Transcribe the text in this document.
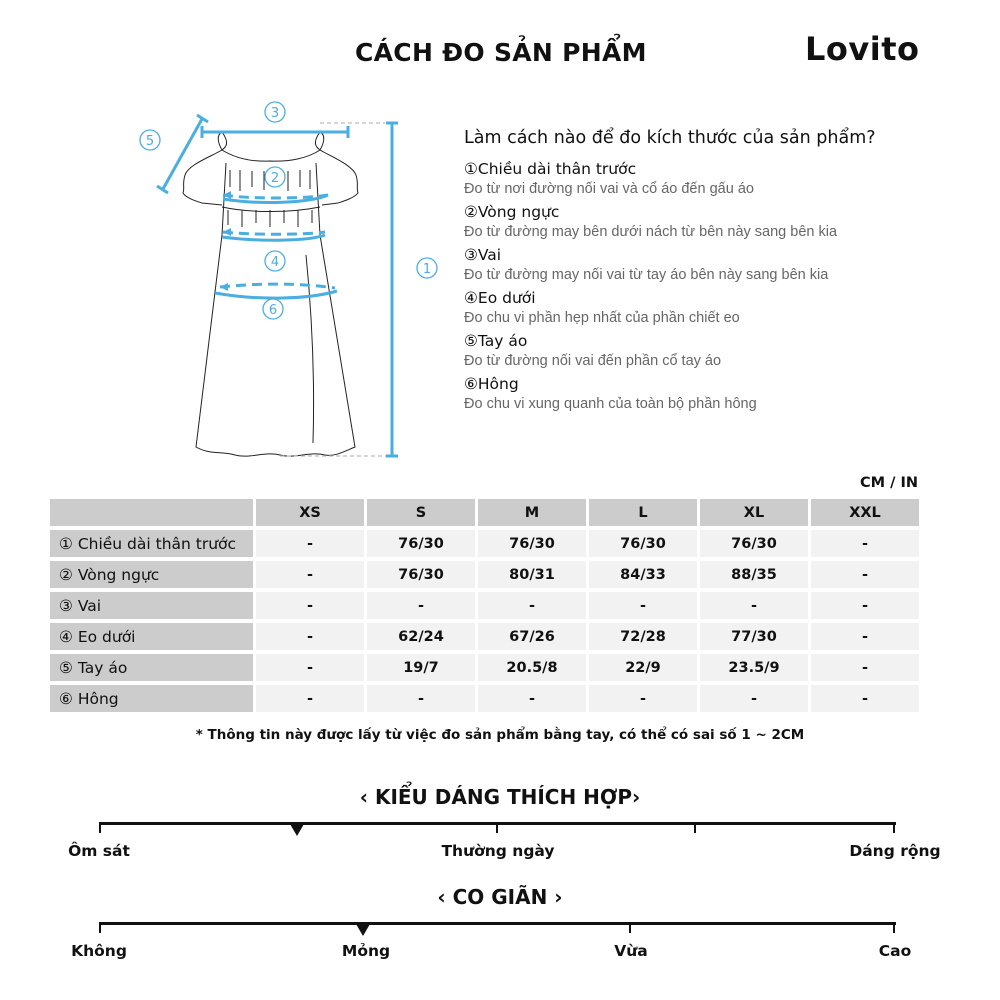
CÁCH ĐO SẢN PHẨM	Lovito
3
5
2
4
6
1
Làm cách nào để đo kích thước của sản phẩm?
①Chiều dài thân trước
Đo từ nơi đường nối vai và cổ áo đến gấu áo
②Vòng ngực
Đo từ đường may bên dưới nách từ bên này sang bên kia
③Vai
Đo từ đường may nối vai từ tay áo bên này sang bên kia
④Eo dưới
Đo chu vi phần hẹp nhất của phần chiết eo
⑤Tay áo
Đo từ đường nối vai đến phần cổ tay áo
⑥Hông
Đo chu vi xung quanh của toàn bộ phần hông
CM / IN
	XS	S	M	L	XL	XXL
① Chiều dài thân trước	-	76/30	76/30	76/30	76/30	-
② Vòng ngực	-	76/30	80/31	84/33	88/35	-
③ Vai	-	-	-	-	-	-
④ Eo dưới	-	62/24	67/26	72/28	77/30	-
⑤ Tay áo	-	19/7	20.5/8	22/9	23.5/9	-
⑥ Hông	-	-	-	-	-	-
* Thông tin này được lấy từ việc đo sản phẩm bằng tay, có thể có sai số 1 ~ 2CM
‹ KIỂU DÁNG THÍCH HỢP›
Ôm sát	Thường ngày	Dáng rộng
‹ CO GIÃN ›
Không	Mỏng	Vừa	Cao
